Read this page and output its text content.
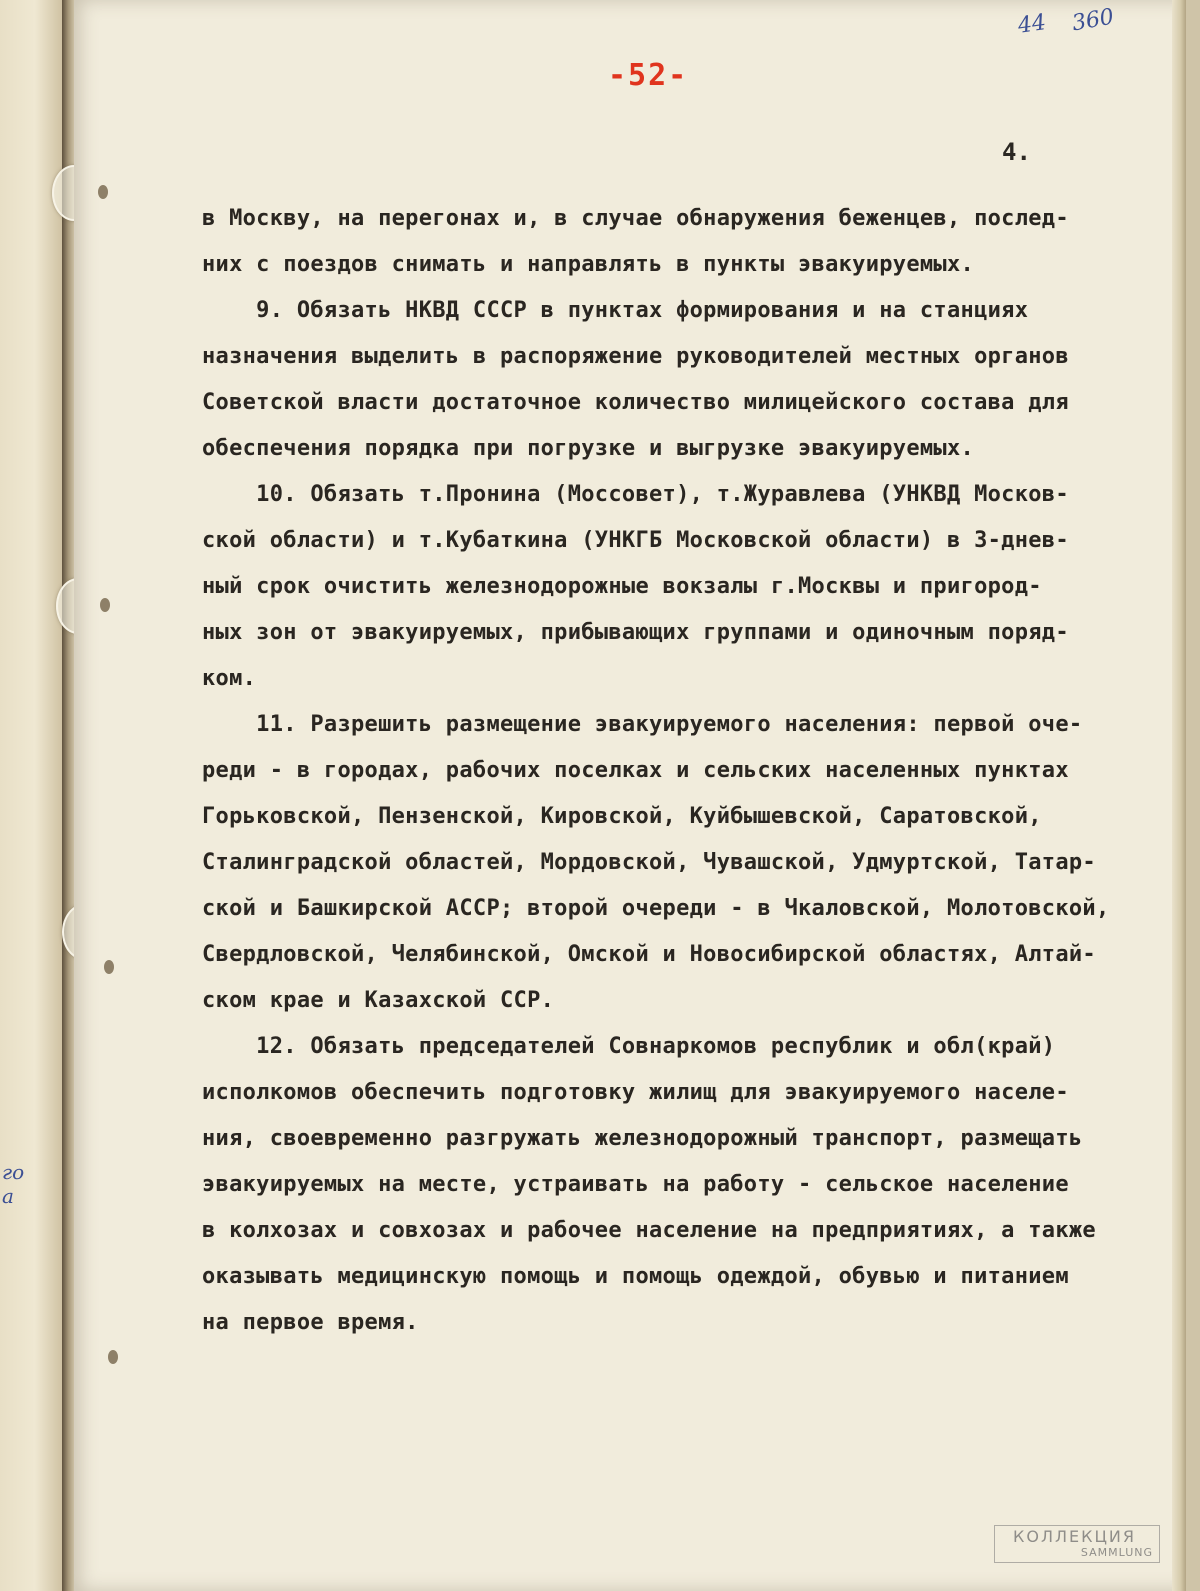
-52-
44 360
4.
в Москву, на перегонах и, в случае обнаружения беженцев, послед-
них с поездов снимать и направлять в пункты эвакуируемых.
9. Обязать НКВД СССР в пунктах формирования и на станциях
назначения выделить в распоряжение руководителей местных органов
Советской власти достаточное количество милицейского состава для
обеспечения порядка при погрузке и выгрузке эвакуируемых.
10. Обязать т.Пронина (Моссовет), т.Журавлева (УНКВД Москов-
ской области) и т.Кубаткина (УНКГБ Московской области) в 3-днев-
ный срок очистить железнодорожные вокзалы г.Москвы и пригород-
ных зон от эвакуируемых, прибывающих группами и одиночным поряд-
ком.
11. Разрешить размещение эвакуируемого населения: первой оче-
реди - в городах, рабочих поселках и сельских населенных пунктах
Горьковской, Пензенской, Кировской, Куйбышевской, Саратовской,
Сталинградской областей, Мордовской, Чувашской, Удмуртской, Татар-
ской и Башкирской АССР; второй очереди - в Чкаловской, Молотовской,
Свердловской, Челябинской, Омской и Новосибирской областях, Алтай-
ском крае и Казахской ССР.
12. Обязать председателей Совнаркомов республик и обл(край)
исполкомов обеспечить подготовку жилищ для эвакуируемого населе-
ния, своевременно разгружать железнодорожный транспорт, размещать
эвакуируемых на месте, устраивать на работу - сельское население
в колхозах и совхозах и рабочее население на предприятиях, а также
оказывать медицинскую помощь и помощь одеждой, обувью и питанием
на первое время.
го
а
КОЛЛЕКЦИЯ
SAMMLUNG
